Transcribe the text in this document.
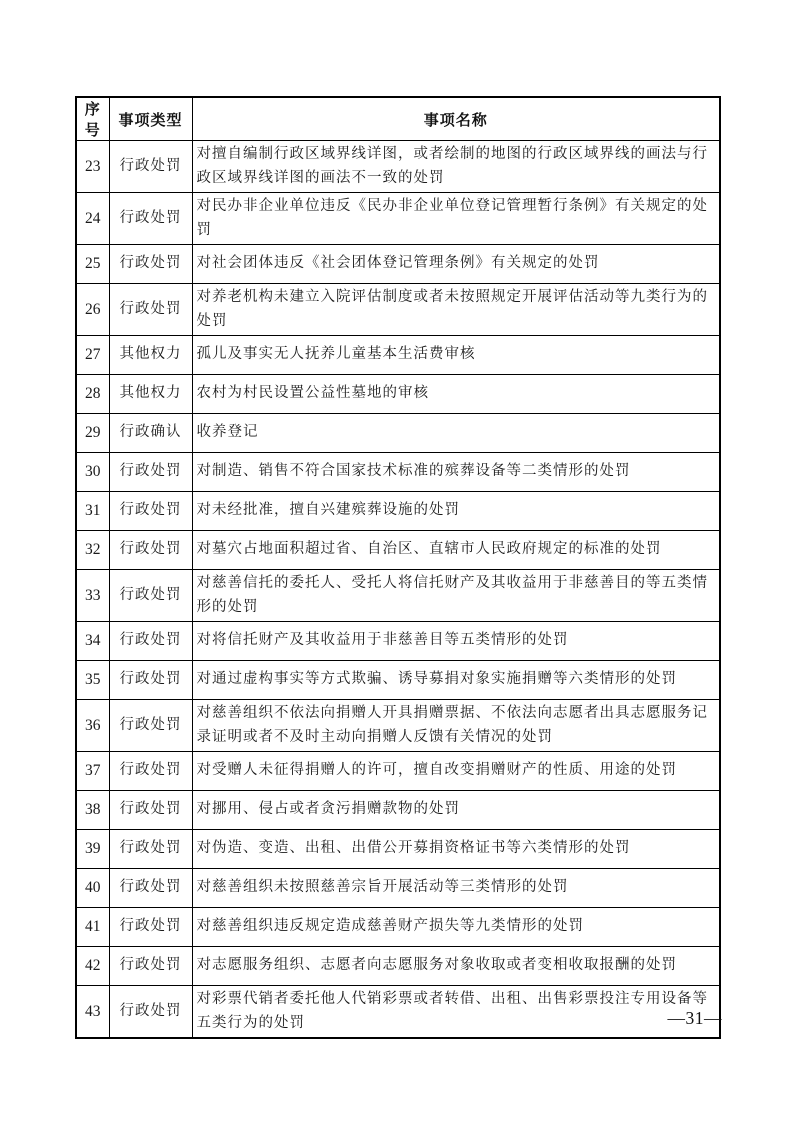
序号	事项类型	事项名称
23	行政处罚	对擅自编制行政区域界线详图，或者绘制的地图的行政区域界线的画法与行政区域界线详图的画法不一致的处罚
24	行政处罚	对民办非企业单位违反《民办非企业单位登记管理暂行条例》有关规定的处罚
25	行政处罚	对社会团体违反《社会团体登记管理条例》有关规定的处罚
26	行政处罚	对养老机构未建立入院评估制度或者未按照规定开展评估活动等九类行为的处罚
27	其他权力	孤儿及事实无人抚养儿童基本生活费审核
28	其他权力	农村为村民设置公益性墓地的审核
29	行政确认	收养登记
30	行政处罚	对制造、销售不符合国家技术标准的殡葬设备等二类情形的处罚
31	行政处罚	对未经批准，擅自兴建殡葬设施的处罚
32	行政处罚	对墓穴占地面积超过省、自治区、直辖市人民政府规定的标准的处罚
33	行政处罚	对慈善信托的委托人、受托人将信托财产及其收益用于非慈善目的等五类情形的处罚
34	行政处罚	对将信托财产及其收益用于非慈善目等五类情形的处罚
35	行政处罚	对通过虚构事实等方式欺骗、诱导募捐对象实施捐赠等六类情形的处罚
36	行政处罚	对慈善组织不依法向捐赠人开具捐赠票据、不依法向志愿者出具志愿服务记录证明或者不及时主动向捐赠人反馈有关情况的处罚
37	行政处罚	对受赠人未征得捐赠人的许可，擅自改变捐赠财产的性质、用途的处罚
38	行政处罚	对挪用、侵占或者贪污捐赠款物的处罚
39	行政处罚	对伪造、变造、出租、出借公开募捐资格证书等六类情形的处罚
40	行政处罚	对慈善组织未按照慈善宗旨开展活动等三类情形的处罚
41	行政处罚	对慈善组织违反规定造成慈善财产损失等九类情形的处罚
42	行政处罚	对志愿服务组织、志愿者向志愿服务对象收取或者变相收取报酬的处罚
43	行政处罚	对彩票代销者委托他人代销彩票或者转借、出租、出售彩票投注专用设备等五类行为的处罚	—31—
